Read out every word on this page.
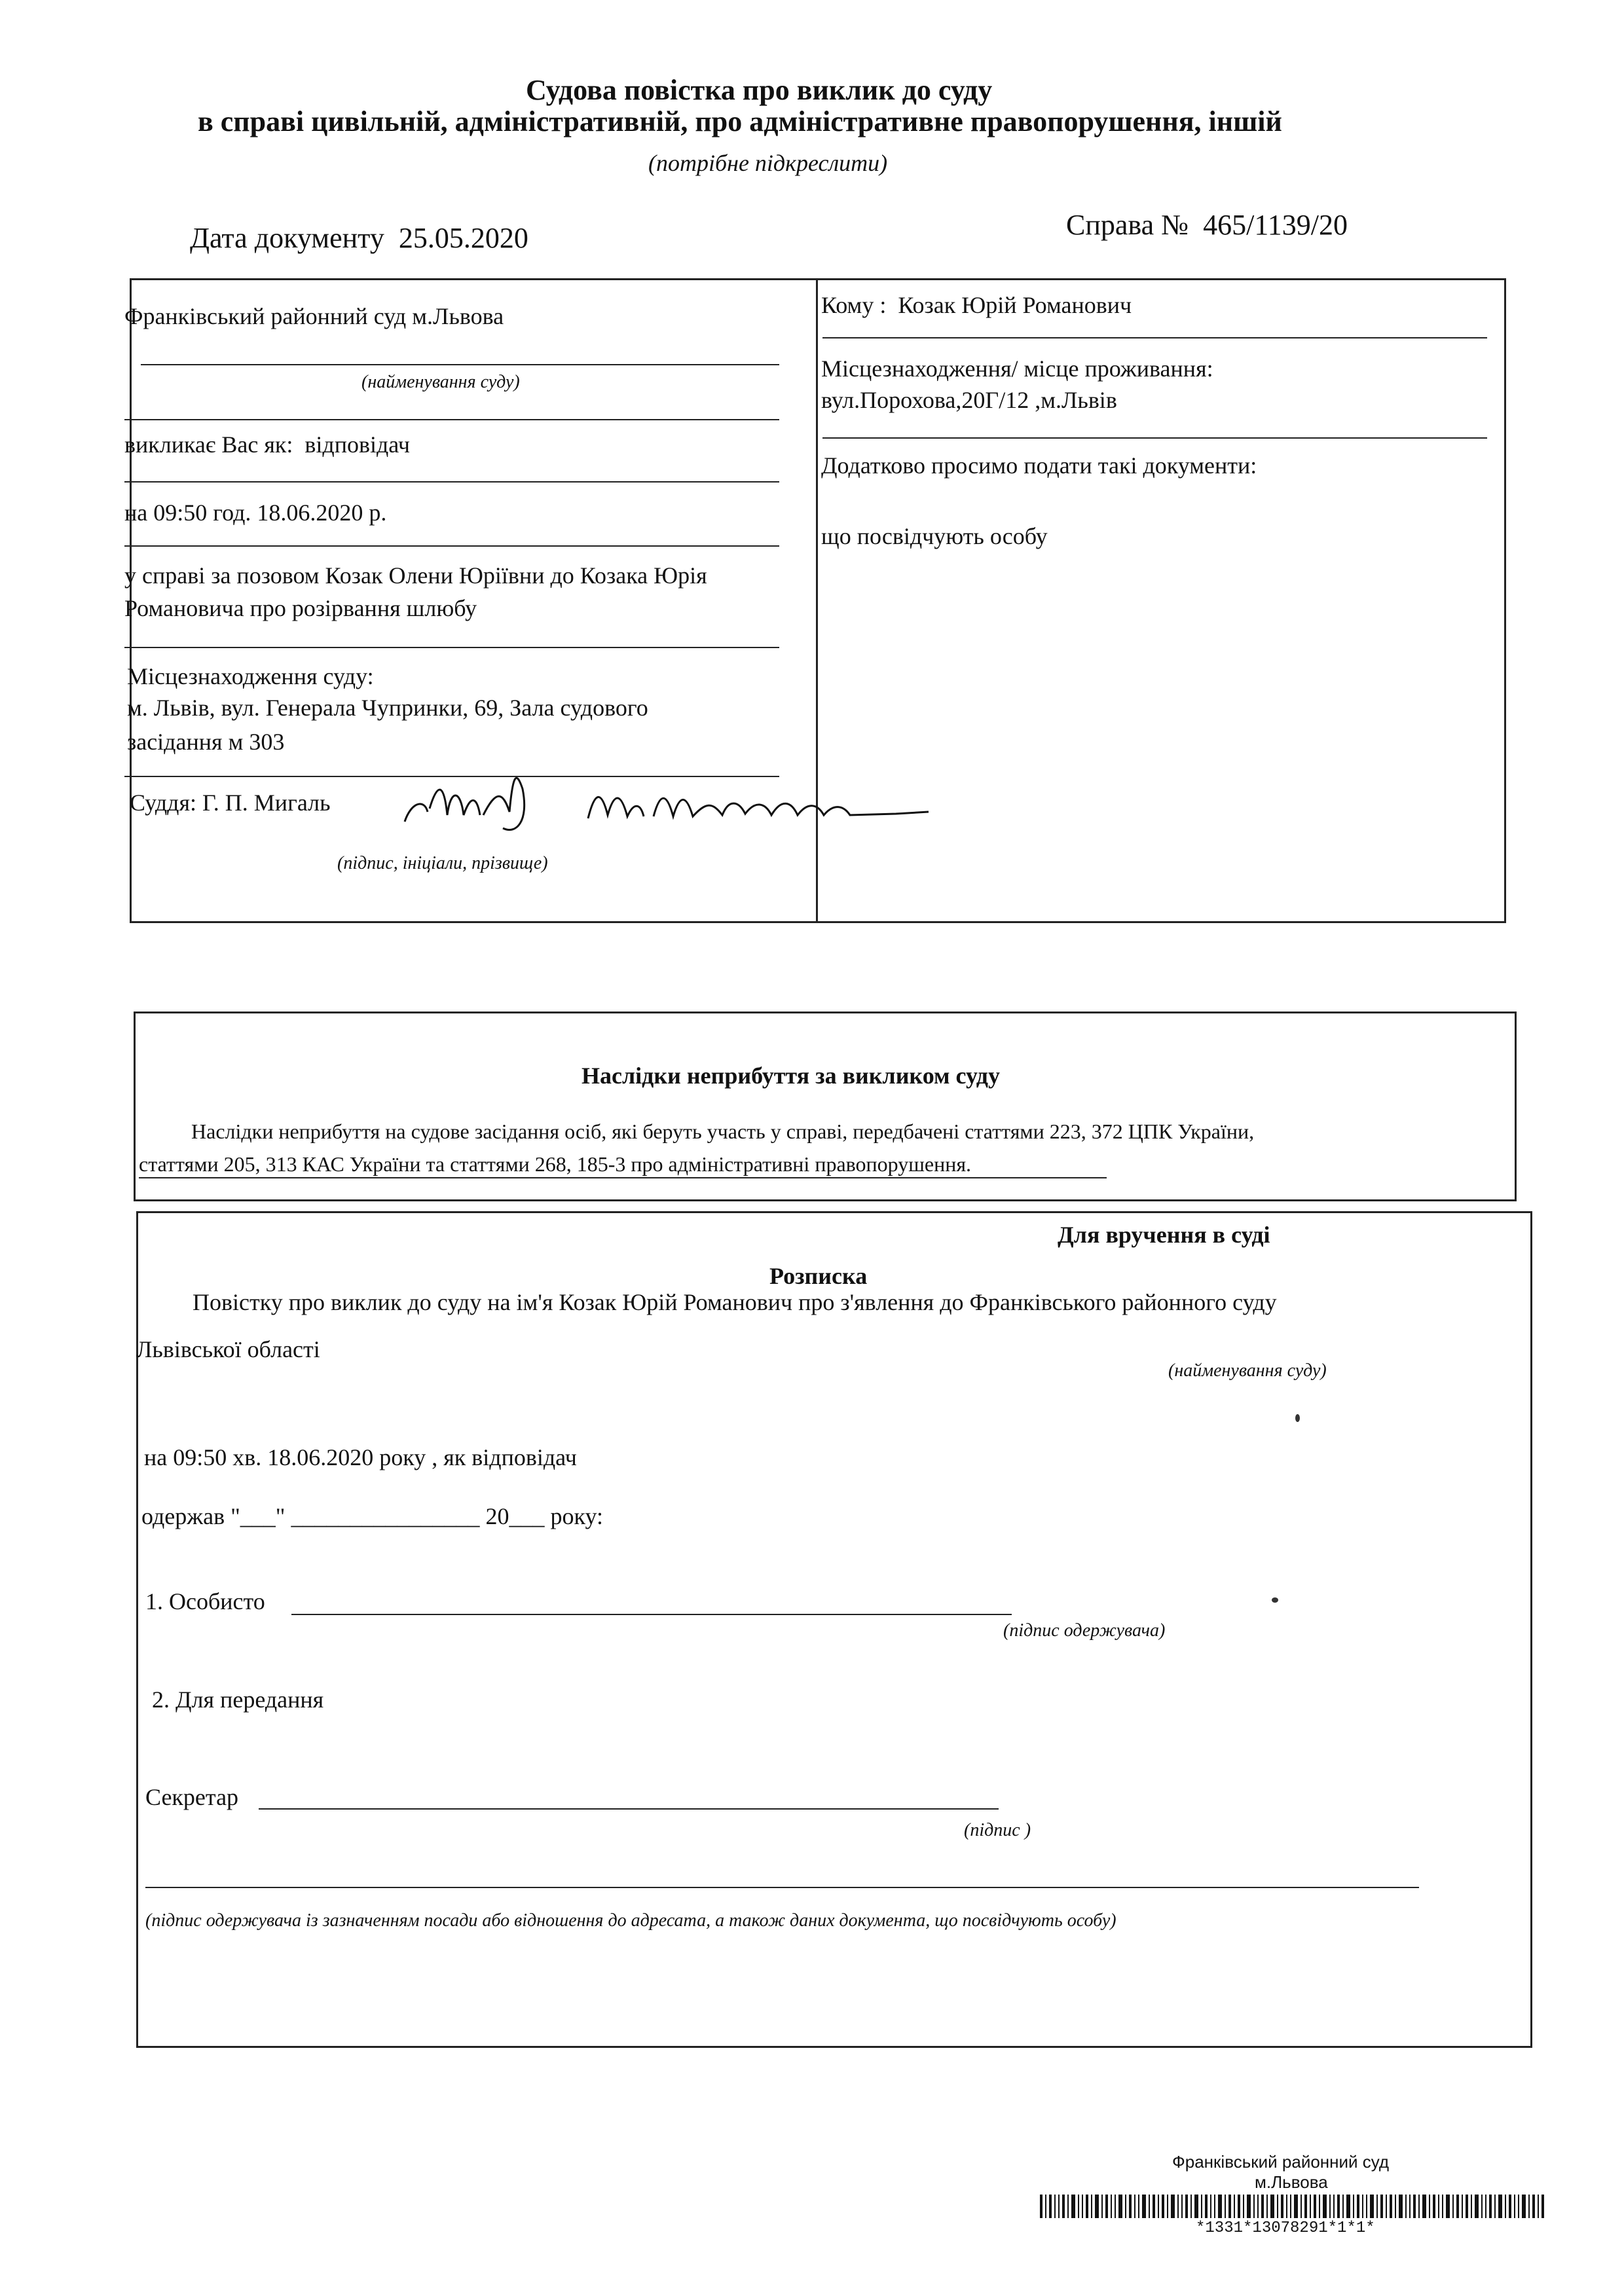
Судова повістка про виклик до суду
в справі цивільній, адміністративній, про адміністративне правопорушення, іншій
(потрібне підкреслити)
Дата документу 25.05.2020	Справа № 465/1139/20
Франківський районний суд м.Львова
(найменування суду)
викликає Вас як: відповідач
на 09:50 год. 18.06.2020 р.
у справі за позовом Козак Олени Юріївни до Козака Юрія
Романовича про розірвання шлюбу
Місцезнаходження суду:
м. Львів, вул. Генерала Чупринки, 69, Зала судового
засідання м 303
Суддя: Г. П. Мигаль
(підпис, ініціали, прізвище)
Кому : Козак Юрій Романович
Місцезнаходження/ місце проживання:
вул.Порохова,20Г/12 ,м.Львів
Додатково просимо подати такі документи:
що посвідчують особу
Наслідки неприбуття за викликом суду
Наслідки неприбуття на судове засідання осіб, які беруть участь у справі, передбачені статтями 223, 372 ЦПК України,
статтями 205, 313 КАС України та статтями 268, 185-3 про адміністративні правопорушення.
Для вручення в суді
Розписка
Повістку про виклик до суду на ім'я Козак Юрій Романович про з'явлення до Франківського районного суду
Львівської області
(найменування суду)
на 09:50 хв. 18.06.2020 року , як відповідач
одержав "___" ________________ 20___ року:
1. Особисто
(підпис одержувача)
2. Для передання
Секретар
(підпис )
(підпис одержувача із зазначенням посади або відношення до адресата, а також даних документа, що посвідчують особу)
Франківський районний суд
м.Львова
*1331*13078291*1*1*
